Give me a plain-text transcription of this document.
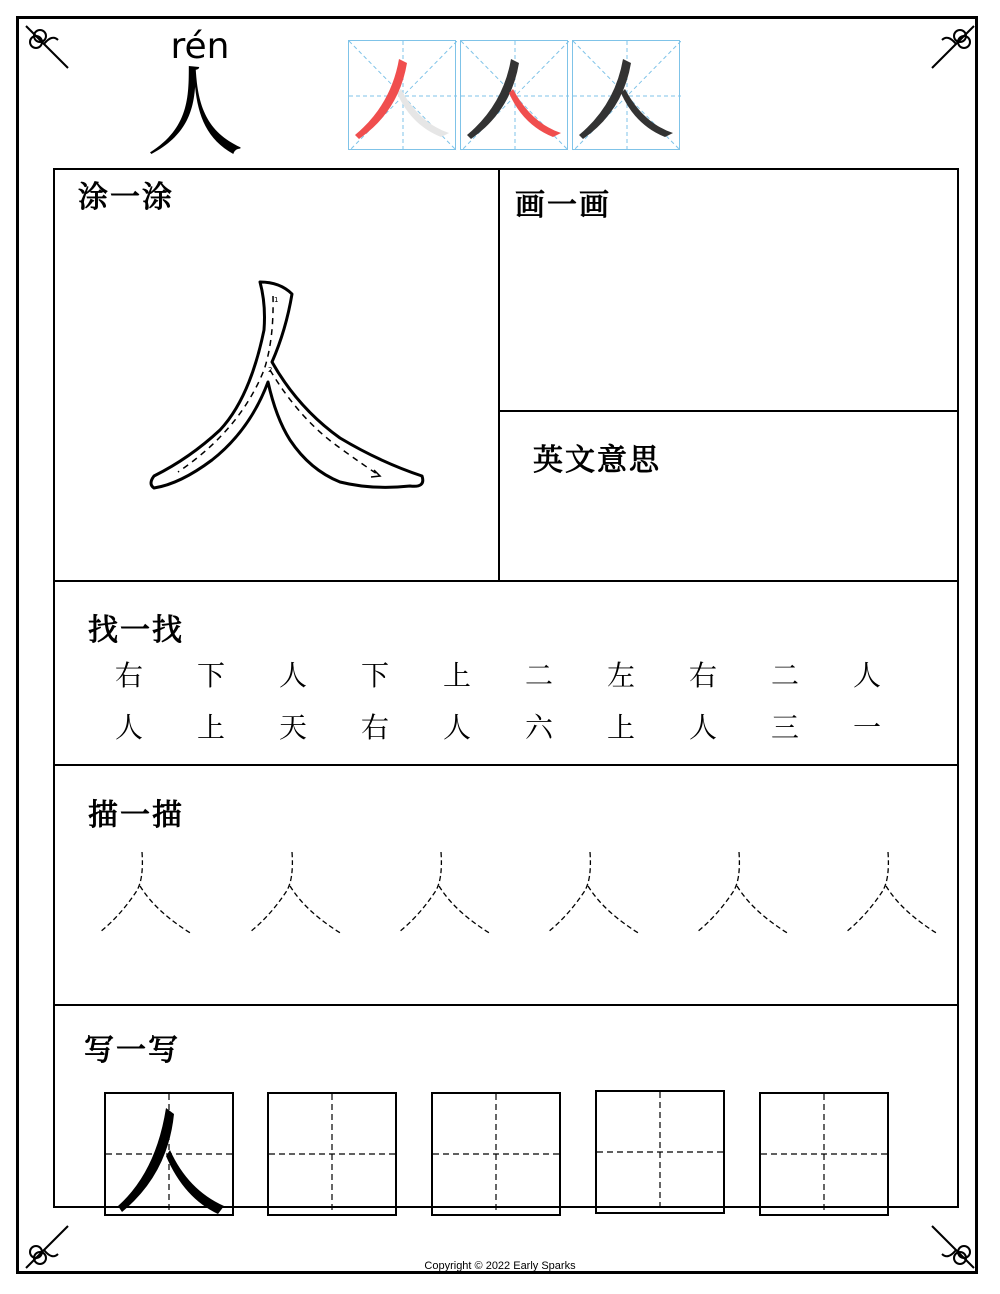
rén
人
涂一涂
1
2
画一画
英文意思
找一找
右	下	人	下	上	二	左	右	二	人
人	上	天	右	人	六	上	人	三	一
描一描
写一写
Copyright © 2022 Early Sparks
